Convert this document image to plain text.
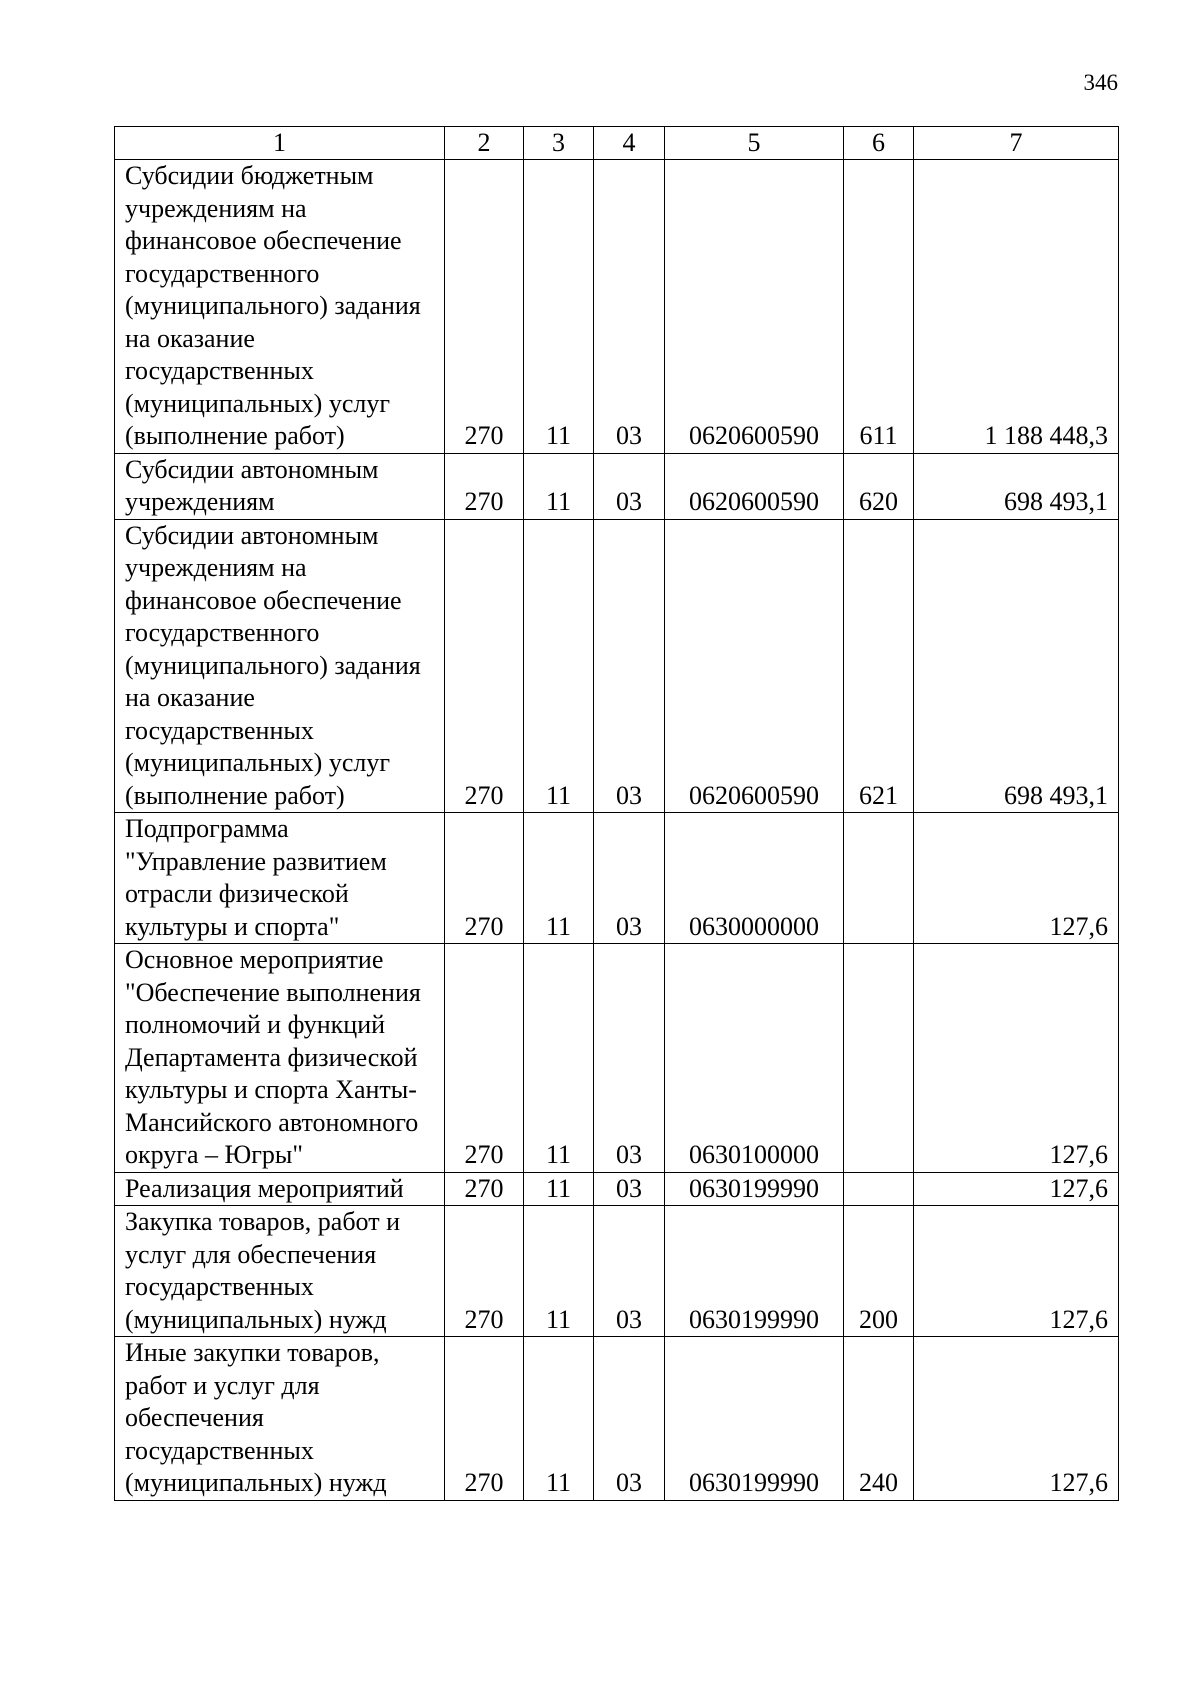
346
1	2	3	4	5	6	7
Субсидии бюджетным учреждениям на финансовое обеспечение государственного (муниципального) задания на оказание государственных (муниципальных) услуг (выполнение работ)	270	11	03	0620600590	611	1 188 448,3
Субсидии автономным учреждениям	270	11	03	0620600590	620	698 493,1
Субсидии автономным учреждениям на финансовое обеспечение государственного (муниципального) задания на оказание государственных (муниципальных) услуг (выполнение работ)	270	11	03	0620600590	621	698 493,1
Подпрограмма "Управление развитием отрасли физической культуры и спорта"	270	11	03	0630000000		127,6
Основное мероприятие "Обеспечение выполнения полномочий и функций Департамента физической культуры и спорта Ханты-Мансийского автономного округа – Югры"	270	11	03	0630100000		127,6
Реализация мероприятий	270	11	03	0630199990		127,6
Закупка товаров, работ и услуг для обеспечения государственных (муниципальных) нужд	270	11	03	0630199990	200	127,6
Иные закупки товаров, работ и услуг для обеспечения государственных (муниципальных) нужд	270	11	03	0630199990	240	127,6
